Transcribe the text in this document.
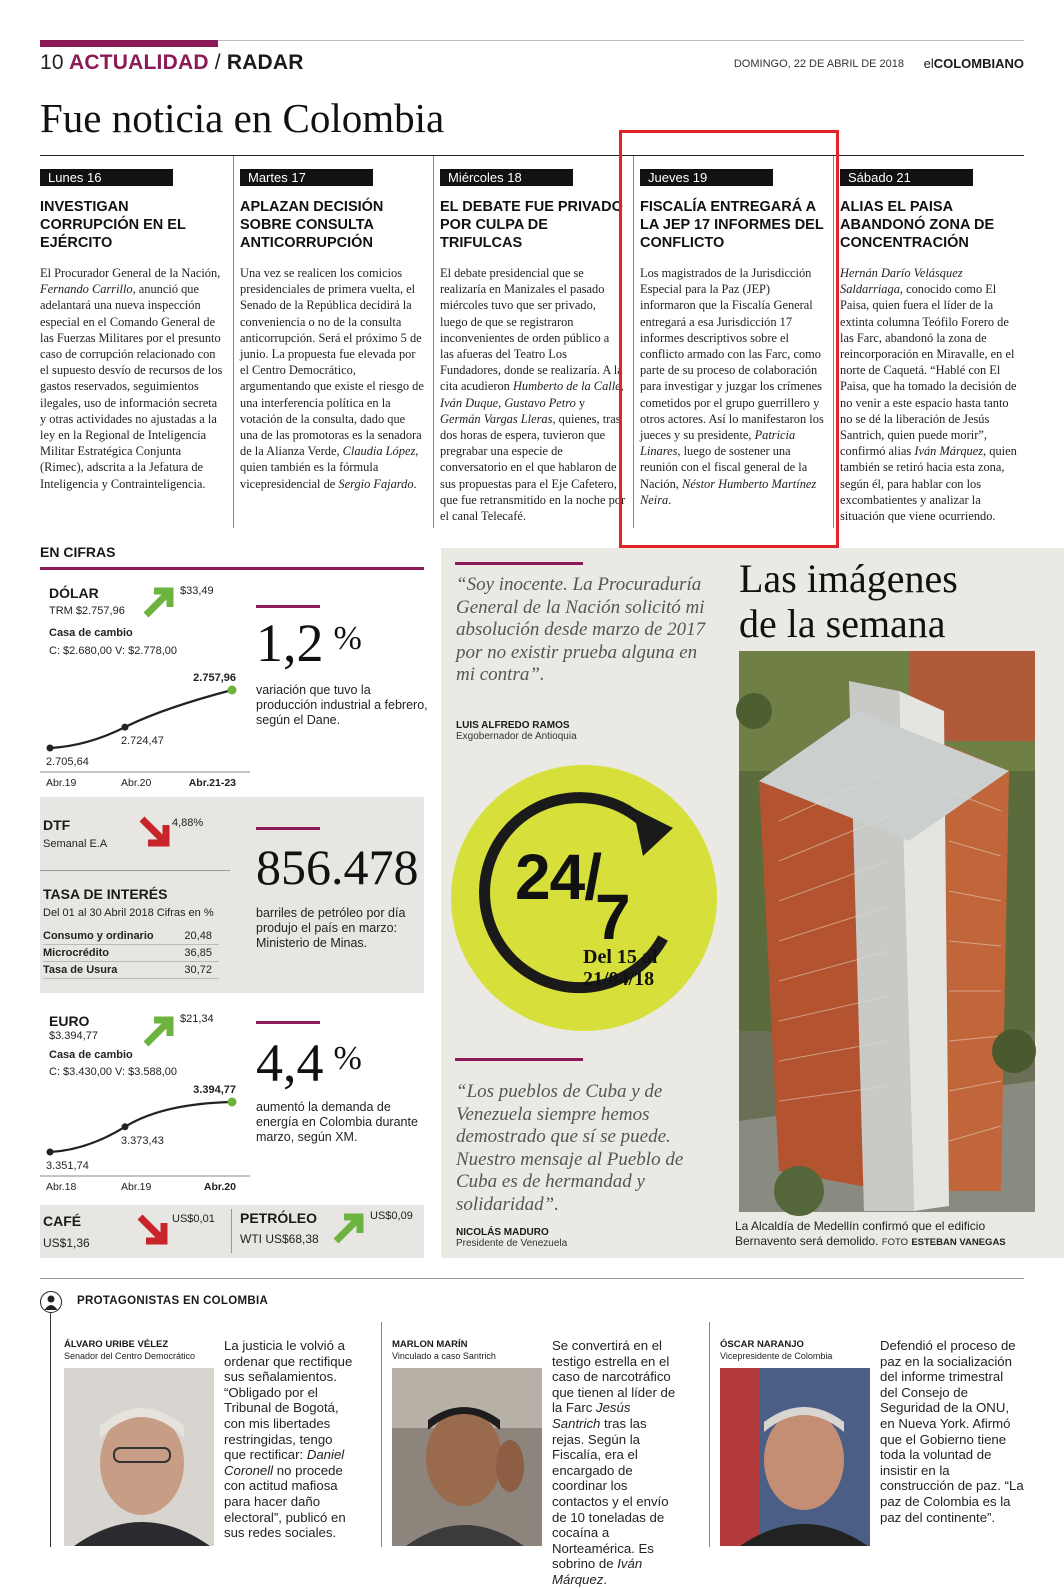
10 ACTUALIDAD / RADAR	DOMINGO, 22 DE ABRIL DE 2018 elCOLOMBIANO
Fue noticia en Colombia
Lunes 16
INVESTIGAN CORRUPCIÓN EN EL EJÉRCITO

El Procurador General de la Nación, Fernando Carrillo, anunció que adelantará una nueva inspección especial en el Comando General de las Fuerzas Militares por el presunto caso de corrupción relacionado con el supuesto desvío de recursos de los gastos reservados, seguimientos ilegales, uso de información secreta y otras actividades no ajustadas a la ley en la Regional de Inteligencia Militar Estratégica Conjunta (Rimec), adscrita a la Jefatura de Inteligencia y Contrainteligencia.

Martes 17
APLAZAN DECISIÓN SOBRE CONSULTA ANTICORRUPCIÓN

Una vez se realicen los comicios presidenciales de primera vuelta, el Senado de la República decidirá la conveniencia o no de la consulta anticorrupción. Será el próximo 5 de junio. La propuesta fue elevada por el Centro Democrático, argumentando que existe el riesgo de una interferencia política en la votación de la consulta, dado que una de las promotoras es la senadora de la Alianza Verde, Claudia López, quien también es la fórmula vicepresidencial de Sergio Fajardo.

Miércoles 18
EL DEBATE FUE PRIVADO POR CULPA DE TRIFULCAS

El debate presidencial que se realizaría en Manizales el pasado miércoles tuvo que ser privado, luego de que se registraron inconvenientes de orden público a las afueras del Teatro Los Fundadores, donde se realizaría. A la cita acudieron Humberto de la Calle, Iván Duque, Gustavo Petro y Germán Vargas Lleras, quienes, tras dos horas de espera, tuvieron que pregrabar una especie de conversatorio en el que hablaron de sus propuestas para el Eje Cafetero, que fue retransmitido en la noche por el canal Telecafé.

Jueves 19
FISCALÍA ENTREGARÁ A LA JEP 17 INFORMES DEL CONFLICTO

Los magistrados de la Jurisdicción Especial para la Paz (JEP) informaron que la Fiscalía General entregará a esa Jurisdicción 17 informes descriptivos sobre el conflicto armado con las Farc, como parte de su proceso de colaboración para investigar y juzgar los crímenes cometidos por el grupo guerrillero y otros actores. Así lo manifestaron los jueces y su presidente, Patricia Linares, luego de sostener una reunión con el fiscal general de la Nación, Néstor Humberto Martínez Neira.

Sábado 21
ALIAS EL PAISA ABANDONÓ ZONA DE CONCENTRACIÓN

Hernán Darío Velásquez Saldarriaga, conocido como El Paisa, quien fuera el líder de la extinta columna Teófilo Forero de las Farc, abandonó la zona de reincorporación en Miravalle, en el norte de Caquetá. “Hablé con El Paisa, que ha tomado la decisión de no venir a este espacio hasta tanto no se dé la liberación de Jesús Santrich, quien puede morir”, confirmó alias Iván Márquez, quien también se retiró hacia esta zona, según él, para hablar con los excombatientes y analizar la situación que viene ocurriendo.

EN CIFRAS
DÓLAR
TRM $2.757,96
Casa de cambio
C: $2.680,00 V: $2.778,00
$33,49
2.705,64
Abr.19
2.724,47
Abr.20
2.757,96
Abr.21-23
1,2 %
variación que tuvo la producción industrial a febrero, según el Dane.
DTF
Semanal E.A
4,88%
TASA DE INTERÉS
Del 01 al 30 Abril 2018 Cifras en %
Consumo y ordinario	20,48
Microcrédito	36,85
Tasa de Usura	30,72
856.478
barriles de petróleo por día produjo el país en marzo: Ministerio de Minas.
EURO
$3.394,77
Casa de cambio
C: $3.430,00 V: $3.588,00
$21,34
3.351,74
Abr.18
3.373,43
Abr.19
3.394,77
Abr.20
4,4 %
aumentó la demanda de energía en Colombia durante marzo, según XM.
CAFÉ
US$1,36
US$0,01 PETRÓLEO
WTI US$68,38
US$0,09
“Soy inocente. La Procuraduría General de la Nación solicitó mi absolución desde marzo de 2017 por no existir prueba alguna en mi contra”.
LUIS ALFREDO RAMOS
Exgobernador de Antioquia
24/
7
Del 15 al
21/04/18
“Los pueblos de Cuba y de Venezuela siempre hemos demostrado que sí se puede. Nuestro mensaje al Pueblo de Cuba es de hermandad y solidaridad”.
NICOLÁS MADURO
Presidente de Venezuela
Las imágenes
de la semana
La Alcaldía de Medellín confirmó que el edificio Bernavento será demolido. FOTO ESTEBAN VANEGAS
PROTAGONISTAS EN COLOMBIA
ÁLVARO URIBE VÉLEZ
Senador del Centro Democrático
La justicia le volvió a ordenar que rectifique sus señalamientos. “Obligado por el Tribunal de Bogotá, con mis libertades restringidas, tengo que rectificar: Daniel Coronell no procede con actitud mafiosa para hacer daño electoral”, publicó en sus redes sociales.
MARLON MARÍN
Vinculado a caso Santrich
Se convertirá en el testigo estrella en el caso de narcotráfico que tienen al líder de la Farc Jesús Santrich tras las rejas. Según la Fiscalía, era el encargado de coordinar los contactos y el envío de 10 toneladas de cocaína a Norteamérica. Es sobrino de Iván Márquez.
ÓSCAR NARANJO
Vicepresidente de Colombia
Defendió el proceso de paz en la socialización del informe trimestral del Consejo de Seguridad de la ONU, en Nueva York. Afirmó que el Gobierno tiene toda la voluntad de insistir en la construcción de paz. “La paz de Colombia es la paz del continente”.
